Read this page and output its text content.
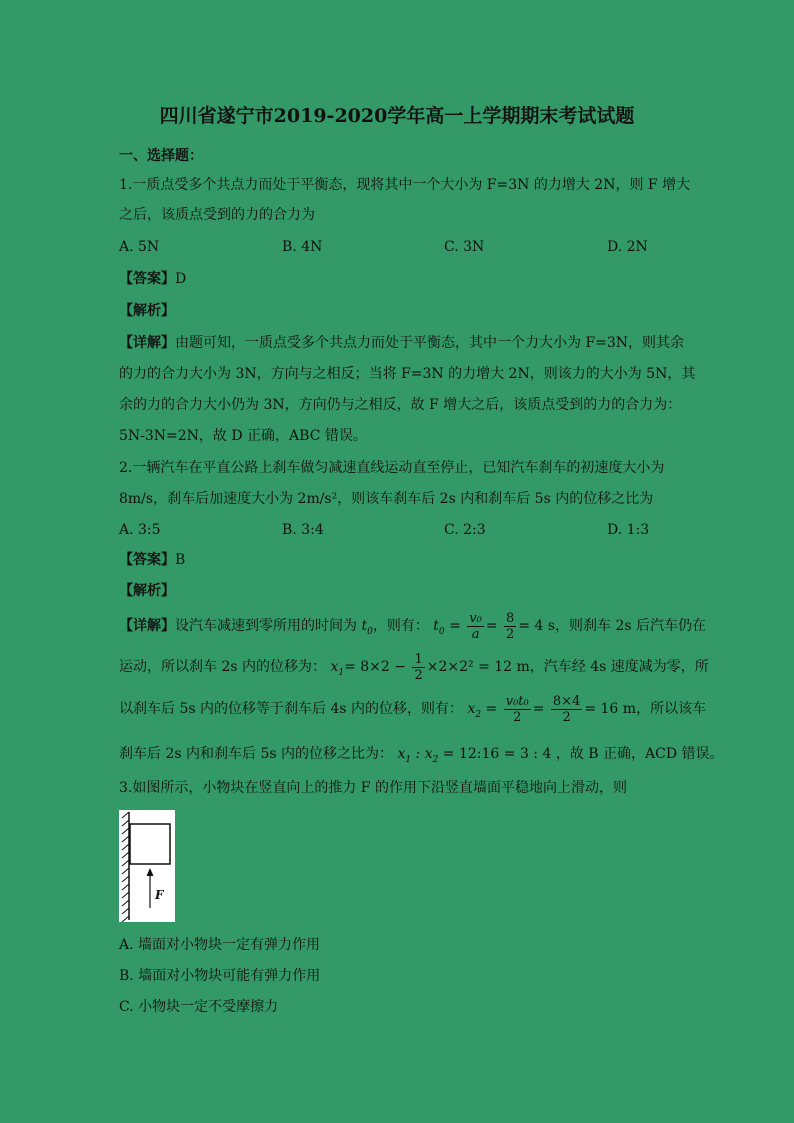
四川省遂宁市2019-2020学年高一上学期期末考试试题
一、选择题：
1.一质点受多个共点力而处于平衡态，现将其中一个大小为 F=3N 的力增大 2N，则 F 增大
之后，该质点受到的力的合力为
A. 5N	B. 4N	C. 3N	D. 2N
【答案】D
【解析】
【详解】由题可知，一质点受多个共点力而处于平衡态，其中一个力大小为 F=3N，则其余
的力的合力大小为 3N，方向与之相反；当将 F=3N 的力增大 2N，则该力的大小为 5N，其
余的力的合力大小仍为 3N，方向仍与之相反，故 F 增大之后，该质点受到的力的合力为：
5N-3N=2N，故 D 正确，ABC 错误。
2.一辆汽车在平直公路上刹车做匀减速直线运动直至停止，已知汽车刹车的初速度大小为
8m/s，刹车后加速度大小为 2m/s²，则该车刹车后 2s 内和刹车后 5s 内的位移之比为
A. 3:5	B. 3:4	C. 2:3	D. 1:3
【答案】B
【解析】
【详解】设汽车减速到零所用的时间为 $t_0$，则有： $t_0 = \frac{\text{v₀}}{a} = \frac{8}{2} = 4$ s，则刹车 2s 后汽车仍在
运动，所以刹车 2s 内的位移为： $x_1= 8\times 2 - \frac{1}{2} \times 2\times 2^2 = 12$ m，汽车经 4s 速度减为零，所
以刹车后 5s 内的位移等于刹车后 4s 内的位移，则有： $x_2 = \frac{\text{v₀t₀}}{2} = \frac{8\times 4}{2} = 16$ m，所以该车
刹车后 2s 内和刹车后 5s 内的位移之比为： $x_1$ : $x_2$ = 12:16 = 3 : 4 ，故 B 正确，ACD 错误。
3.如图所示，小物块在竖直向上的推力 F 的作用下沿竖直墙面平稳地向上滑动，则
F
A. 墙面对小物块一定有弹力作用
B. 墙面对小物块可能有弹力作用
C. 小物块一定不受摩擦力
